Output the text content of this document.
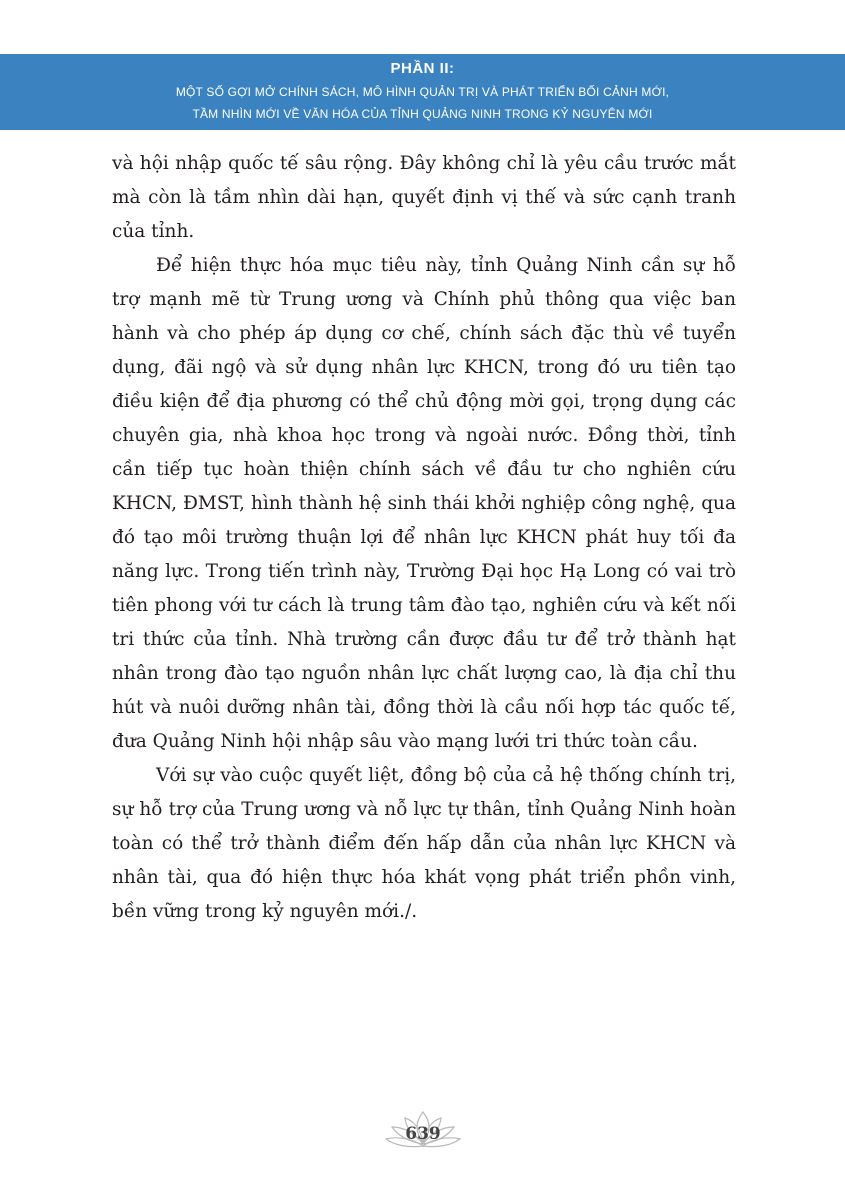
PHẦN II:
MỘT SỐ GỢI MỞ CHÍNH SÁCH, MÔ HÌNH QUẢN TRỊ VÀ PHÁT TRIỂN BỐI CẢNH MỚI,
TẦM NHÌN MỚI VỀ VĂN HÓA CỦA TỈNH QUẢNG NINH TRONG KỶ NGUYÊN MỚI

và hội nhập quốc tế sâu rộng. Đây không chỉ là yêu cầu trước mắt mà còn là tầm nhìn dài hạn, quyết định vị thế và sức cạnh tranh của tỉnh.

Để hiện thực hóa mục tiêu này, tỉnh Quảng Ninh cần sự hỗ trợ mạnh mẽ từ Trung ương và Chính phủ thông qua việc ban hành và cho phép áp dụng cơ chế, chính sách đặc thù về tuyển dụng, đãi ngộ và sử dụng nhân lực KHCN, trong đó ưu tiên tạo điều kiện để địa phương có thể chủ động mời gọi, trọng dụng các chuyên gia, nhà khoa học trong và ngoài nước. Đồng thời, tỉnh cần tiếp tục hoàn thiện chính sách về đầu tư cho nghiên cứu KHCN, ĐMST, hình thành hệ sinh thái khởi nghiệp công nghệ, qua đó tạo môi trường thuận lợi để nhân lực KHCN phát huy tối đa năng lực. Trong tiến trình này, Trường Đại học Hạ Long có vai trò tiên phong với tư cách là trung tâm đào tạo, nghiên cứu và kết nối tri thức của tỉnh. Nhà trường cần được đầu tư để trở thành hạt nhân trong đào tạo nguồn nhân lực chất lượng cao, là địa chỉ thu hút và nuôi dưỡng nhân tài, đồng thời là cầu nối hợp tác quốc tế, đưa Quảng Ninh hội nhập sâu vào mạng lưới tri thức toàn cầu.

Với sự vào cuộc quyết liệt, đồng bộ của cả hệ thống chính trị, sự hỗ trợ của Trung ương và nỗ lực tự thân, tỉnh Quảng Ninh hoàn toàn có thể trở thành điểm đến hấp dẫn của nhân lực KHCN và nhân tài, qua đó hiện thực hóa khát vọng phát triển phồn vinh, bền vững trong kỷ nguyên mới./.

639
